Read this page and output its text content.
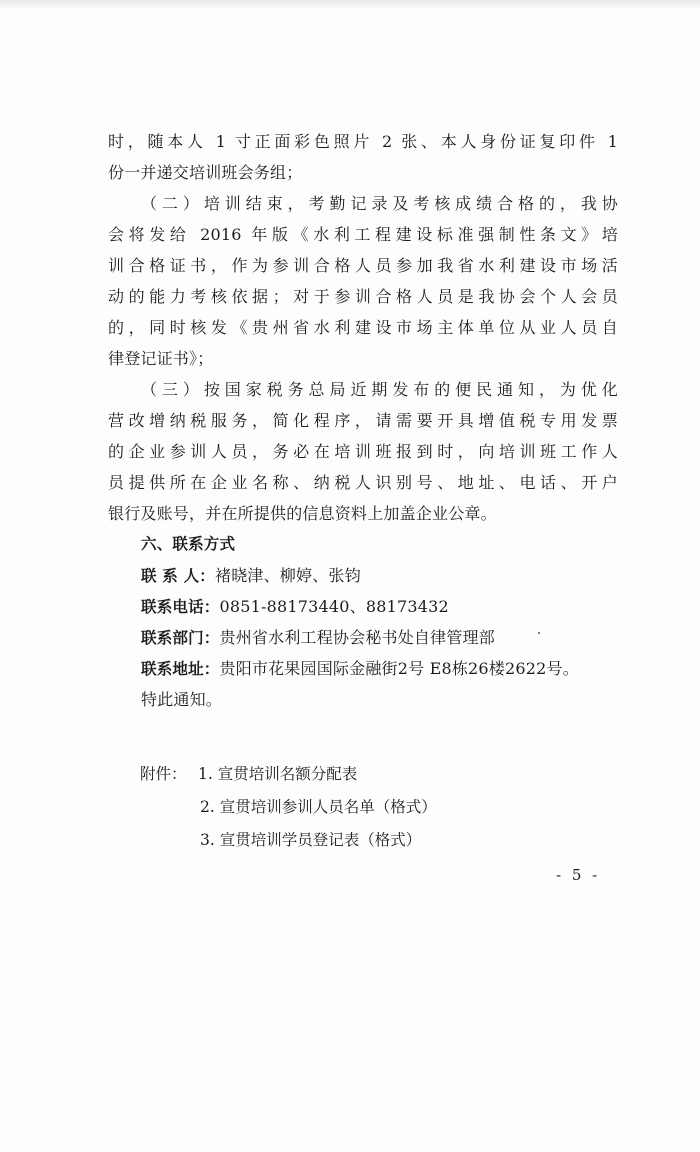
时，随本人 1 寸正面彩色照片 2 张、本人身份证复印件 1
份一并递交培训班会务组；
（二）培训结束，考勤记录及考核成绩合格的，我协
会将发给 2016 年版《水利工程建设标准强制性条文》培
训合格证书，作为参训合格人员参加我省水利建设市场活
动的能力考核依据；对于参训合格人员是我协会个人会员
的，同时核发《贵州省水利建设市场主体单位从业人员自
律登记证书》；
（三）按国家税务总局近期发布的便民通知，为优化
营改增纳税服务，简化程序，请需要开具增值税专用发票
的企业参训人员，务必在培训班报到时，向培训班工作人
员提供所在企业名称、纳税人识别号、地址、电话、开户
银行及账号，并在所提供的信息资料上加盖企业公章。
六、联系方式
联 系 人：褚晓津、柳婷、张钧
联系电话：0851-88173440、88173432
联系部门：贵州省水利工程协会秘书处自律管理部
联系地址：贵阳市花果园国际金融街2号 E8栋26楼2622号。
特此通知。
附件： 1. 宣贯培训名额分配表
2. 宣贯培训参训人员名单（格式）
3. 宣贯培训学员登记表（格式）
- 5 -
